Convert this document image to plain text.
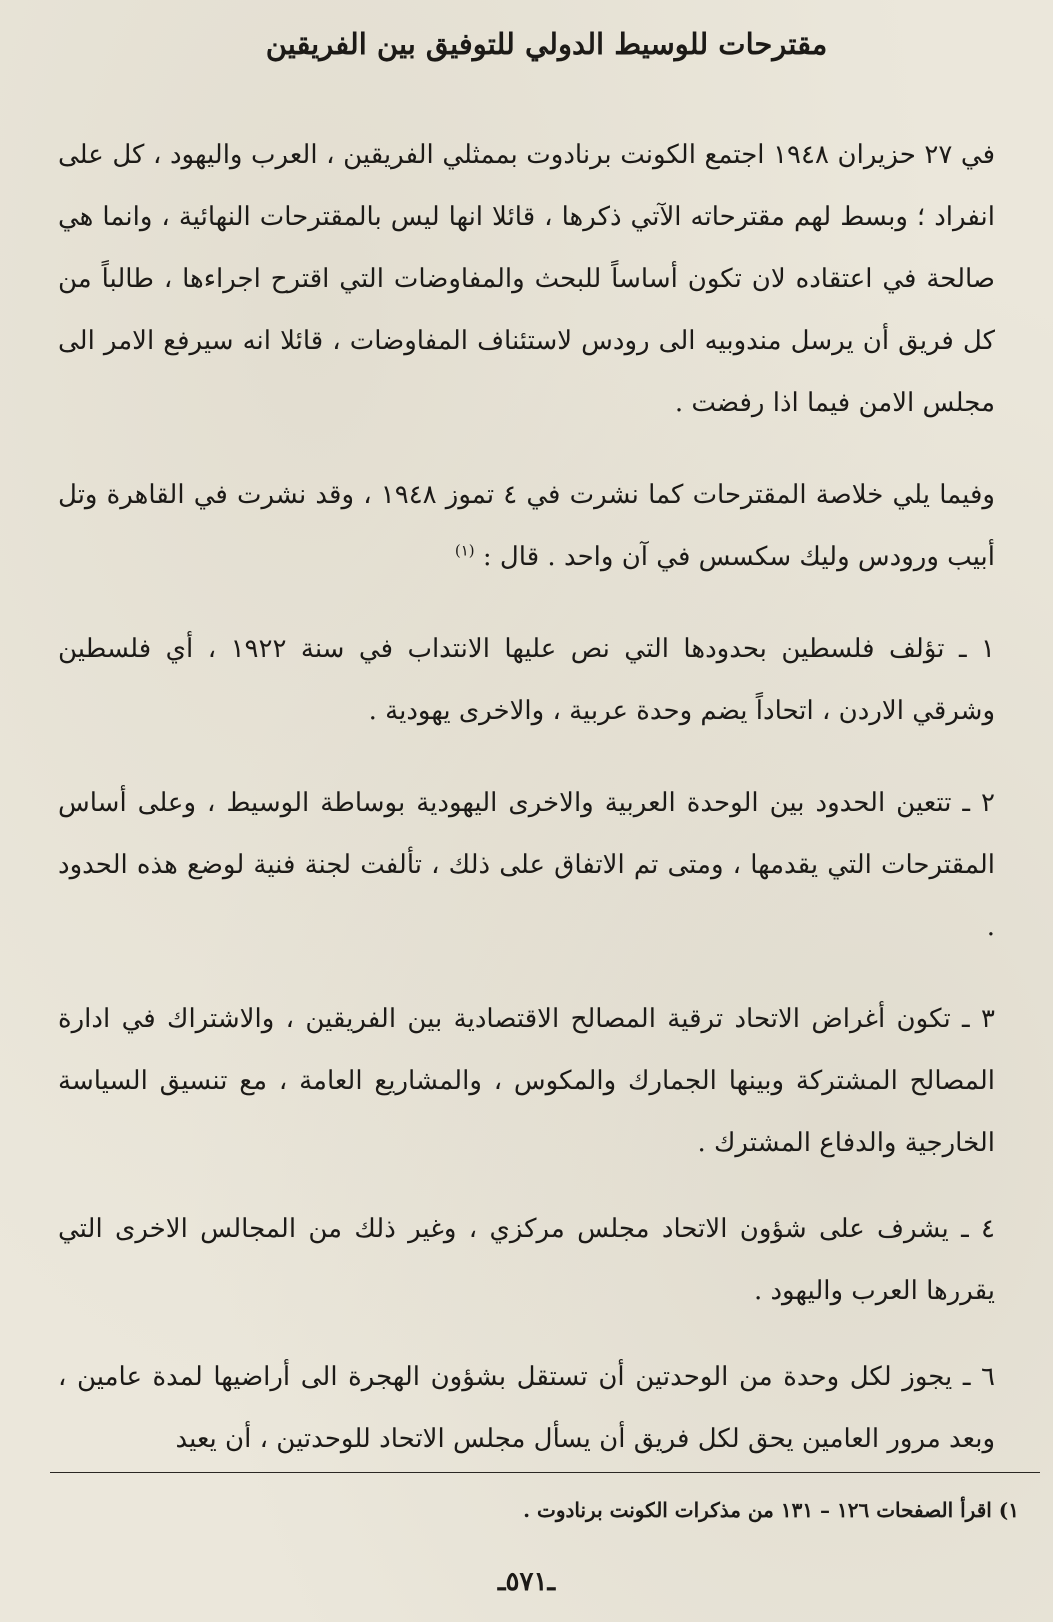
مقترحات للوسيط الدولي للتوفيق بين الفريقين

في ٢٧ حزيران ١٩٤٨ اجتمع الكونت برنادوت بممثلي الفريقين ، العرب واليهود ، كل على انفراد ؛ وبسط لهم مقترحاته الآتي ذكرها ، قائلا انها ليس بالمقترحات النهائية ، وانما هي صالحة في اعتقاده لان تكون أساساً للبحث والمفاوضات التي اقترح اجراءها ، طالباً من كل فريق أن يرسل مندوبيه الى رودس لاستئناف المفاوضات ، قائلا انه سيرفع الامر الى مجلس الامن فيما اذا رفضت .

وفيما يلي خلاصة المقترحات كما نشرت في ٤ تموز ١٩٤٨ ، وقد نشرت في القاهرة وتل أبيب ورودس وليك سكسس في آن واحد . قال : $^{(١)}$

١ ـ تؤلف فلسطين بحدودها التي نص عليها الانتداب في سنة ١٩٢٢ ، أي فلسطين وشرقي الاردن ، اتحاداً يضم وحدة عربية ، والاخرى يهودية .

٢ ـ تتعين الحدود بين الوحدة العربية والاخرى اليهودية بوساطة الوسيط ، وعلى أساس المقترحات التي يقدمها ، ومتى تم الاتفاق على ذلك ، تألفت لجنة فنية لوضع هذه الحدود .

٣ ـ تكون أغراض الاتحاد ترقية المصالح الاقتصادية بين الفريقين ، والاشتراك في ادارة المصالح المشتركة وبينها الجمارك والمكوس ، والمشاريع العامة ، مع تنسيق السياسة الخارجية والدفاع المشترك .

٤ ـ يشرف على شؤون الاتحاد مجلس مركزي ، وغير ذلك من المجالس الاخرى التي يقررها العرب واليهود .

٦ ـ يجوز لكل وحدة من الوحدتين أن تستقل بشؤون الهجرة الى أراضيها لمدة عامين ، وبعد مرور العامين يحق لكل فريق أن يسأل مجلس الاتحاد للوحدتين ، أن يعيد

١) اقرأ الصفحات ١٢٦ – ١٣١ من مذكرات الكونت برنادوت .
ـ٥٧١ـ
